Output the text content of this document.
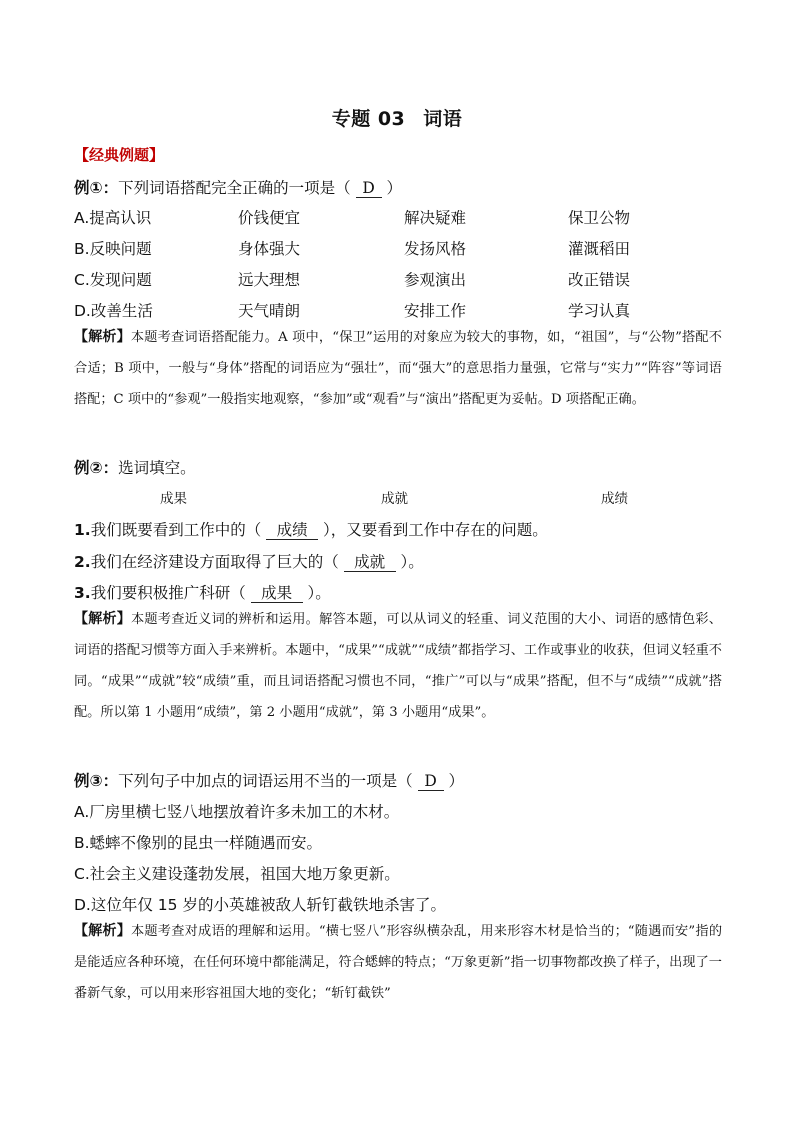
专题 03 词语
【经典例题】
例①：下列词语搭配完全正确的一项是（ D ）
A.提高认识	价钱便宜	解决疑难	保卫公物
B.反映问题	身体强大	发扬风格	灌溉稻田
C.发现问题	远大理想	参观演出	改正错误
D.改善生活	天气晴朗	安排工作	学习认真
【解析】本题考查词语搭配能力。A 项中，“保卫”运用的对象应为较大的事物，如，“祖国”，与“公物”搭配不合适；B 项中，一般与“身体”搭配的词语应为“强壮”，而“强大”的意思指力量强，它常与“实力”“阵容”等词语搭配；C 项中的“参观”一般指实地观察，“参加”或“观看”与“演出”搭配更为妥帖。D 项搭配正确。
例②：选词填空。
成果	成就	成绩
1.我们既要看到工作中的（ 成绩 ），又要看到工作中存在的问题。
2.我们在经济建设方面取得了巨大的（ 成就 ）。
3.我们要积极推广科研（ 成果 ）。
【解析】本题考查近义词的辨析和运用。解答本题，可以从词义的轻重、词义范围的大小、词语的感情色彩、词语的搭配习惯等方面入手来辨析。本题中，“成果”“成就”“成绩”都指学习、工作或事业的收获，但词义轻重不同。“成果”“成就”较“成绩”重，而且词语搭配习惯也不同，“推广”可以与“成果”搭配，但不与“成绩”“成就”搭配。所以第 1 小题用“成绩”，第 2 小题用“成就”，第 3 小题用“成果”。
例③：下列句子中加点的词语运用不当的一项是（ D ）
A.厂房里横七竖八地摆放着许多未加工的木材。
B.蟋蟀不像别的昆虫一样随遇而安。
C.社会主义建设蓬勃发展，祖国大地万象更新。
D.这位年仅 15 岁的小英雄被敌人斩钉截铁地杀害了。
【解析】本题考查对成语的理解和运用。“横七竖八”形容纵横杂乱，用来形容木材是恰当的；“随遇而安”指的是能适应各种环境，在任何环境中都能满足，符合蟋蟀的特点；“万象更新”指一切事物都改换了样子，出现了一番新气象，可以用来形容祖国大地的变化；“斩钉截铁”
